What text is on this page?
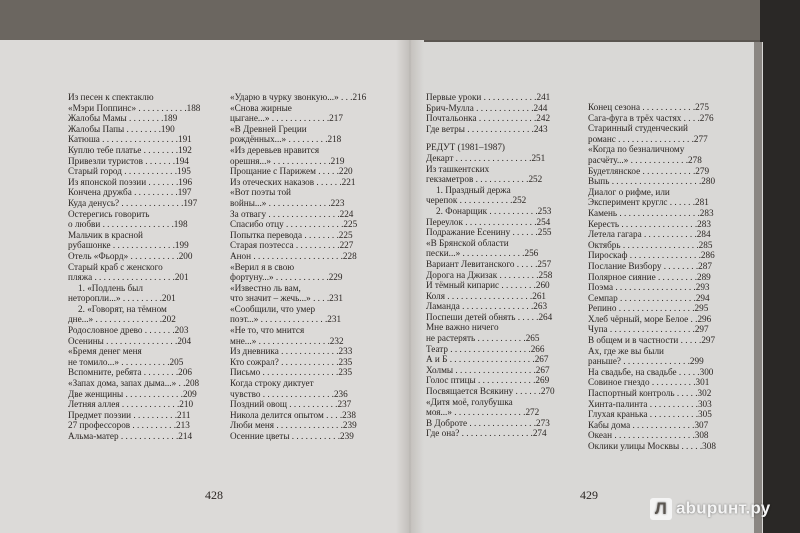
Из песен к спектаклю
«Мэри Поппинс» . . . . . . . . . . .188
Жалобы Мамы . . . . . . . .189
Жалобы Папы . . . . . . . .190
Катюша . . . . . . . . . . . . . . . . .191
Куплю тебе платье . . . . . . . .192
Привезли туристов . . . . . . .194
Старый город . . . . . . . . . . . .195
Из японской поэзии . . . . . . .196
Кончена дружба . . . . . . . . . .197
Куда денусь? . . . . . . . . . . . . . .197
Остерегись говорить
о любви . . . . . . . . . . . . . . . .198
Мальчик в красной
рубашонке . . . . . . . . . . . . . .199
Отель «Фьорд» . . . . . . . . . . .200
Старый краб с женского
пляжа . . . . . . . . . . . . . . . . . .201
1. «Подлень был
неторопли...» . . . . . . . . .201
2. «Говорят, на тёмном
дне...» . . . . . . . . . . . . . . .202
Родословное древо . . . . . . .203
Осенины . . . . . . . . . . . . . . . .204
«Бремя денег меня
не томило...» . . . . . . . . . . .205
Вспомните, ребята . . . . . . . .206
«Запах дома, запах дыма...» . .208
Две женщины . . . . . . . . . . . . .209
Летняя аллея . . . . . . . . . . . . .210
Предмет поэзии . . . . . . . . . .211
27 профессоров . . . . . . . . . .213
Альма-матер . . . . . . . . . . . . .214
«Ударю в чурку звонкую...» . . .216
«Снова жирные
цыгане...» . . . . . . . . . . . . .217
«В Древней Греции
рождённых...» . . . . . . . . .218
«Из деревьев нравится
орешня...» . . . . . . . . . . . . .219
Прощание с Парижем . . . . .220
Из отеческих наказов . . . . . .221
«Вот поэты той
войны...» . . . . . . . . . . . . . .223
За отвагу . . . . . . . . . . . . . . . .224
Спасибо отцу . . . . . . . . . . . . .225
Попытка перевода . . . . . . . .225
Старая поэтесса . . . . . . . . . .227
Анон . . . . . . . . . . . . . . . . . . . .228
«Верил я в свою
фортуну...» . . . . . . . . . . . .229
«Известно ль вам,
что значит – жечь...» . . . .231
«Сообщили, что умер
поэт...» . . . . . . . . . . . . . . .231
«Не то, что мнится
мне...» . . . . . . . . . . . . . . . .232
Из дневника . . . . . . . . . . . . .233
Кто сожрал? . . . . . . . . . . . . .235
Письмо . . . . . . . . . . . . . . . . .235
Когда строку диктует
чувство . . . . . . . . . . . . . . . .236
Поздний овощ . . . . . . . . . . .237
Никола делится опытом . . . .238
Люби меня . . . . . . . . . . . . . . .239
Осенние цветы . . . . . . . . . . .239
Первые уроки . . . . . . . . . . . .241
Брич-Мулла . . . . . . . . . . . . .244
Почтальонка . . . . . . . . . . . . .242
Где ветры . . . . . . . . . . . . . . .243
РЕДУТ (1981–1987)
Декарт . . . . . . . . . . . . . . . . .251
Из ташкентских
гекзаметров . . . . . . . . . . . .252
1. Праздный держа
черепок . . . . . . . . . . . .252
2. Фонарщик . . . . . . . . . . .253
Переулок . . . . . . . . . . . . . . . .254
Подражание Есенину . . . . . .255
«В Брянской области
пески...» . . . . . . . . . . . . . .256
Вариант Левитанского . . . . .257
Дорога на Джизак . . . . . . . . .258
И тёмный кипарис . . . . . . . .260
Коля . . . . . . . . . . . . . . . . . . .261
Ламанда . . . . . . . . . . . . . . . .263
Поспеши детей обнять . . . . .264
Мне важно ничего
не растерять . . . . . . . . . . .265
Театр . . . . . . . . . . . . . . . . . .266
А и Б . . . . . . . . . . . . . . . . . . .267
Холмы . . . . . . . . . . . . . . . . . .267
Голос птицы . . . . . . . . . . . . .269
Посвящается Всякину . . . . . .270
«Дитя моё, голубушка
моя...» . . . . . . . . . . . . . . . .272
В Доброте . . . . . . . . . . . . . . .273
Где она? . . . . . . . . . . . . . . . .274
Конец сезона . . . . . . . . . . . .275
Сага-фуга в трёх частях . . . .276
Старинный студенческий
романс . . . . . . . . . . . . . . . . .277
«Когда по безналичному
расчёту...» . . . . . . . . . . . . .278
Будетлянское . . . . . . . . . . . .279
Выпь . . . . . . . . . . . . . . . . . . . .280
Диалог о рифме, или
Эксперимент круглс . . . . . .281
Камень . . . . . . . . . . . . . . . . . .283
Кересть . . . . . . . . . . . . . . . . .283
Летела гагара . . . . . . . . . . . .284
Октябрь . . . . . . . . . . . . . . . . .285
Пироскаф . . . . . . . . . . . . . . . .286
Послание Визбору . . . . . . . .287
Полярное сияние . . . . . . . . .289
Поэма . . . . . . . . . . . . . . . . . .293
Семпар . . . . . . . . . . . . . . . . .294
Репино . . . . . . . . . . . . . . . . .295
Хлеб чёрный, море Белое . .296
Чупа . . . . . . . . . . . . . . . . . . .297
В общем и в частности . . . . .297
Ах, где же вы были
раньше? . . . . . . . . . . . . . . .299
На свадьбе, на свадьбе . . . . .300
Совиное гнездо . . . . . . . . . .301
Паспортный контроль . . . . .302
Хинта-палинта . . . . . . . . . . .303
Глухая кранька . . . . . . . . . . .305
Кабы дома . . . . . . . . . . . . . .307
Океан . . . . . . . . . . . . . . . . . .308
Оклики улицы Москвы . . . . .308
428	429
Л abuрuнт.ру
